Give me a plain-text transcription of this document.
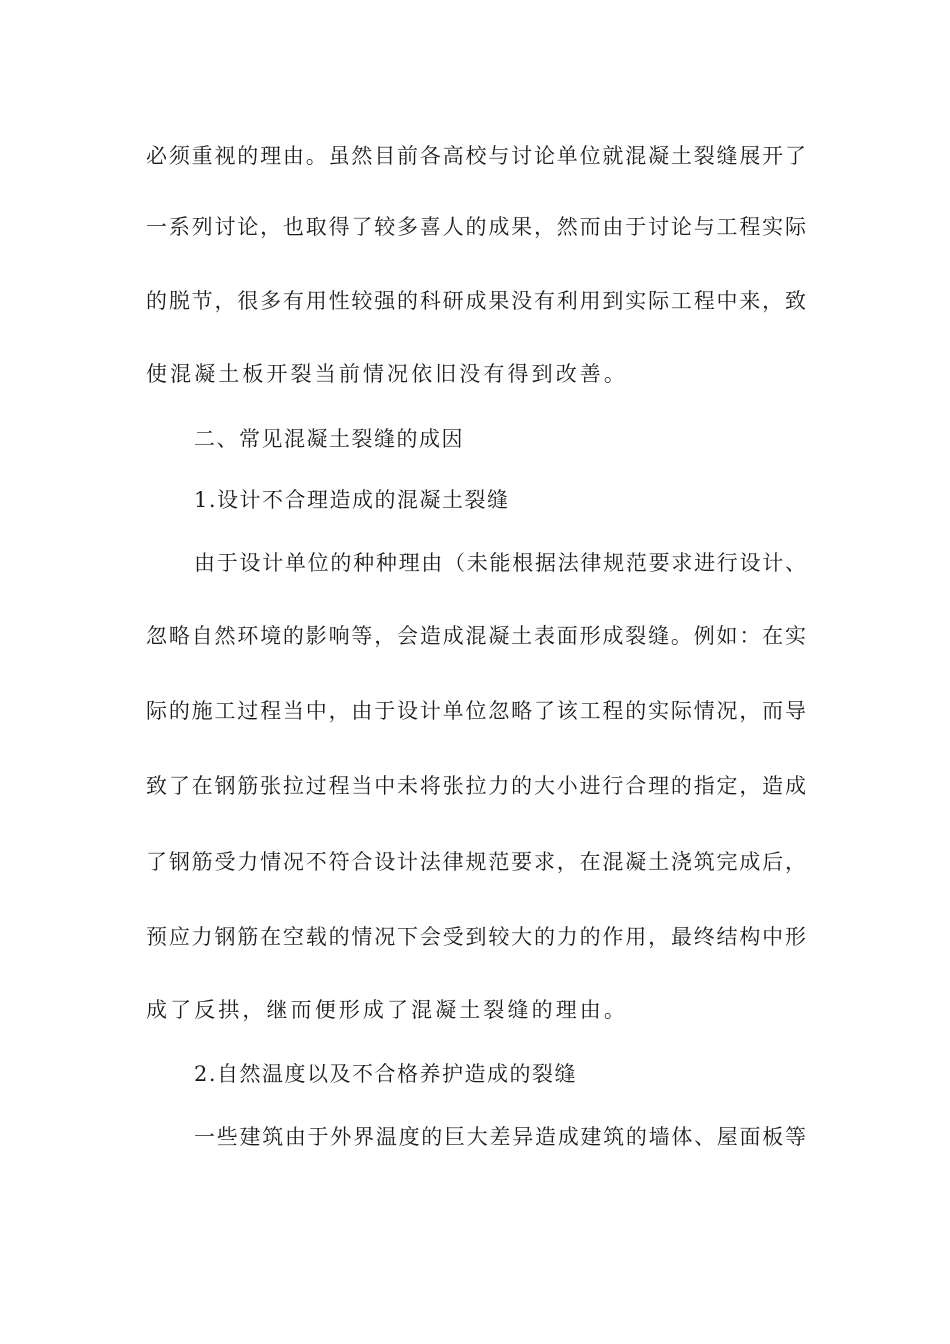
必须重视的理由。虽然目前各高校与讨论单位就混凝土裂缝展开了
一系列讨论，也取得了较多喜人的成果，然而由于讨论与工程实际
的脱节，很多有用性较强的科研成果没有利用到实际工程中来，致
使混凝土板开裂当前情况依旧没有得到改善。
二、常见混凝土裂缝的成因
1.设计不合理造成的混凝土裂缝
由于设计单位的种种理由（未能根据法律规范要求进行设计、
忽略自然环境的影响等，会造成混凝土表面形成裂缝。例如：在实
际的施工过程当中，由于设计单位忽略了该工程的实际情况，而导
致了在钢筋张拉过程当中未将张拉力的大小进行合理的指定，造成
了钢筋受力情况不符合设计法律规范要求，在混凝土浇筑完成后，
预应力钢筋在空载的情况下会受到较大的力的作用，最终结构中形
成了反拱，继而便形成了混凝土裂缝的理由。
2.自然温度以及不合格养护造成的裂缝
一些建筑由于外界温度的巨大差异造成建筑的墙体、屋面板等
